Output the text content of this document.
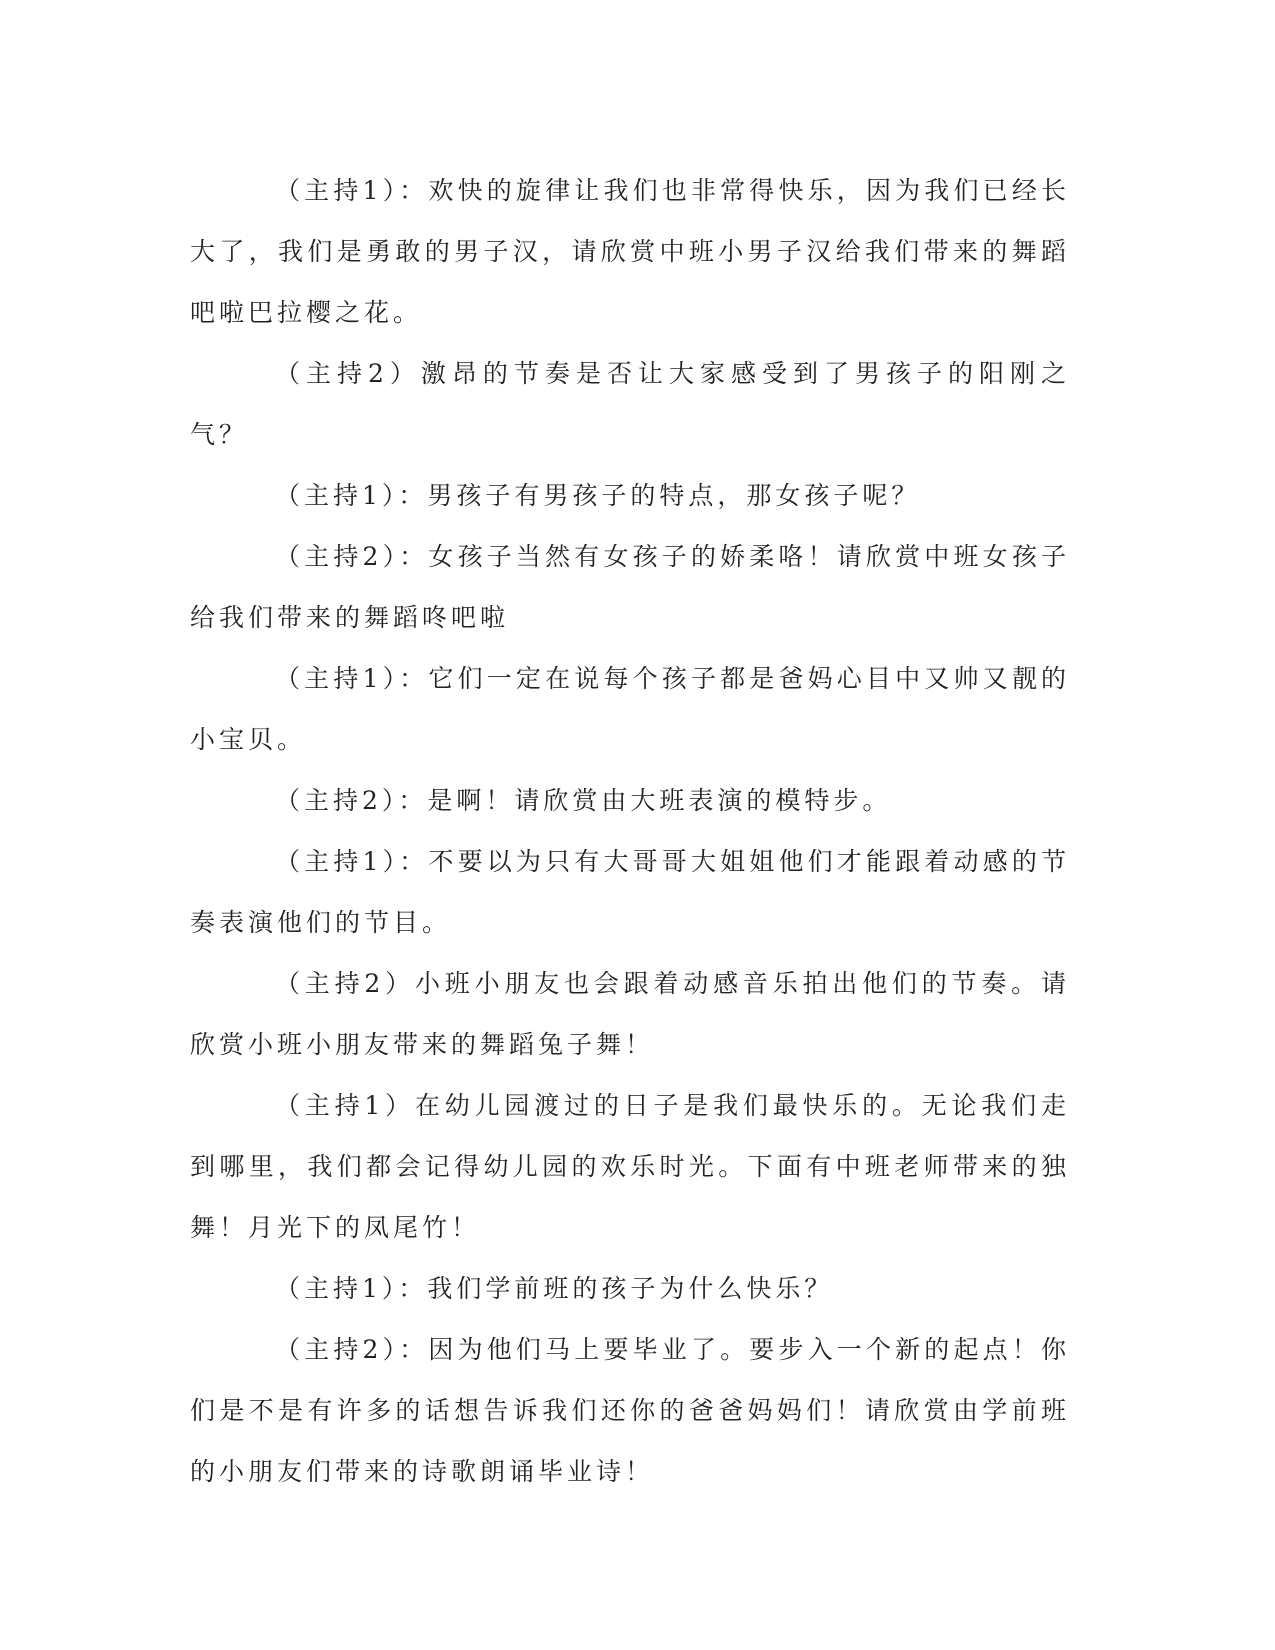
（主持1）：欢快的旋律让我们也非常得快乐，因为我们已经长大了，我们是勇敢的男子汉，请欣赏中班小男子汉给我们带来的舞蹈吧啦巴拉樱之花。

（主持2）激昂的节奏是否让大家感受到了男孩子的阳刚之气？

（主持1）：男孩子有男孩子的特点，那女孩子呢？

（主持2）：女孩子当然有女孩子的娇柔咯！请欣赏中班女孩子给我们带来的舞蹈咚吧啦

（主持1）：它们一定在说每个孩子都是爸妈心目中又帅又靓的小宝贝。

（主持2）：是啊！请欣赏由大班表演的模特步。

（主持1）：不要以为只有大哥哥大姐姐他们才能跟着动感的节奏表演他们的节目。

（主持2）小班小朋友也会跟着动感音乐拍出他们的节奏。请欣赏小班小朋友带来的舞蹈兔子舞！

（主持1）在幼儿园渡过的日子是我们最快乐的。无论我们走到哪里，我们都会记得幼儿园的欢乐时光。下面有中班老师带来的独舞！月光下的凤尾竹！

（主持1）：我们学前班的孩子为什么快乐？

（主持2）：因为他们马上要毕业了。要步入一个新的起点！你们是不是有许多的话想告诉我们还你的爸爸妈妈们！请欣赏由学前班的小朋友们带来的诗歌朗诵毕业诗！
